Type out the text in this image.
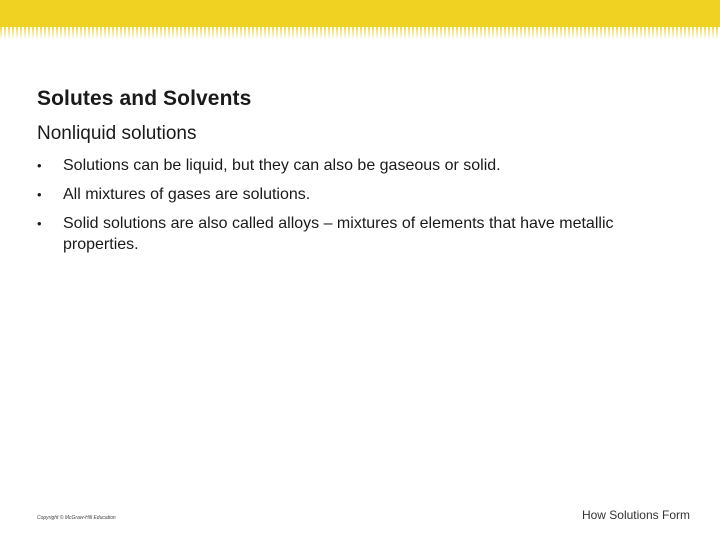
Solutes and Solvents
Nonliquid solutions
• Solutions can be liquid, but they can also be gaseous or solid.
• All mixtures of gases are solutions.
• Solid solutions are also called alloys – mixtures of elements that have metallic properties.
Copyright © McGraw-Hill Education	How Solutions Form
